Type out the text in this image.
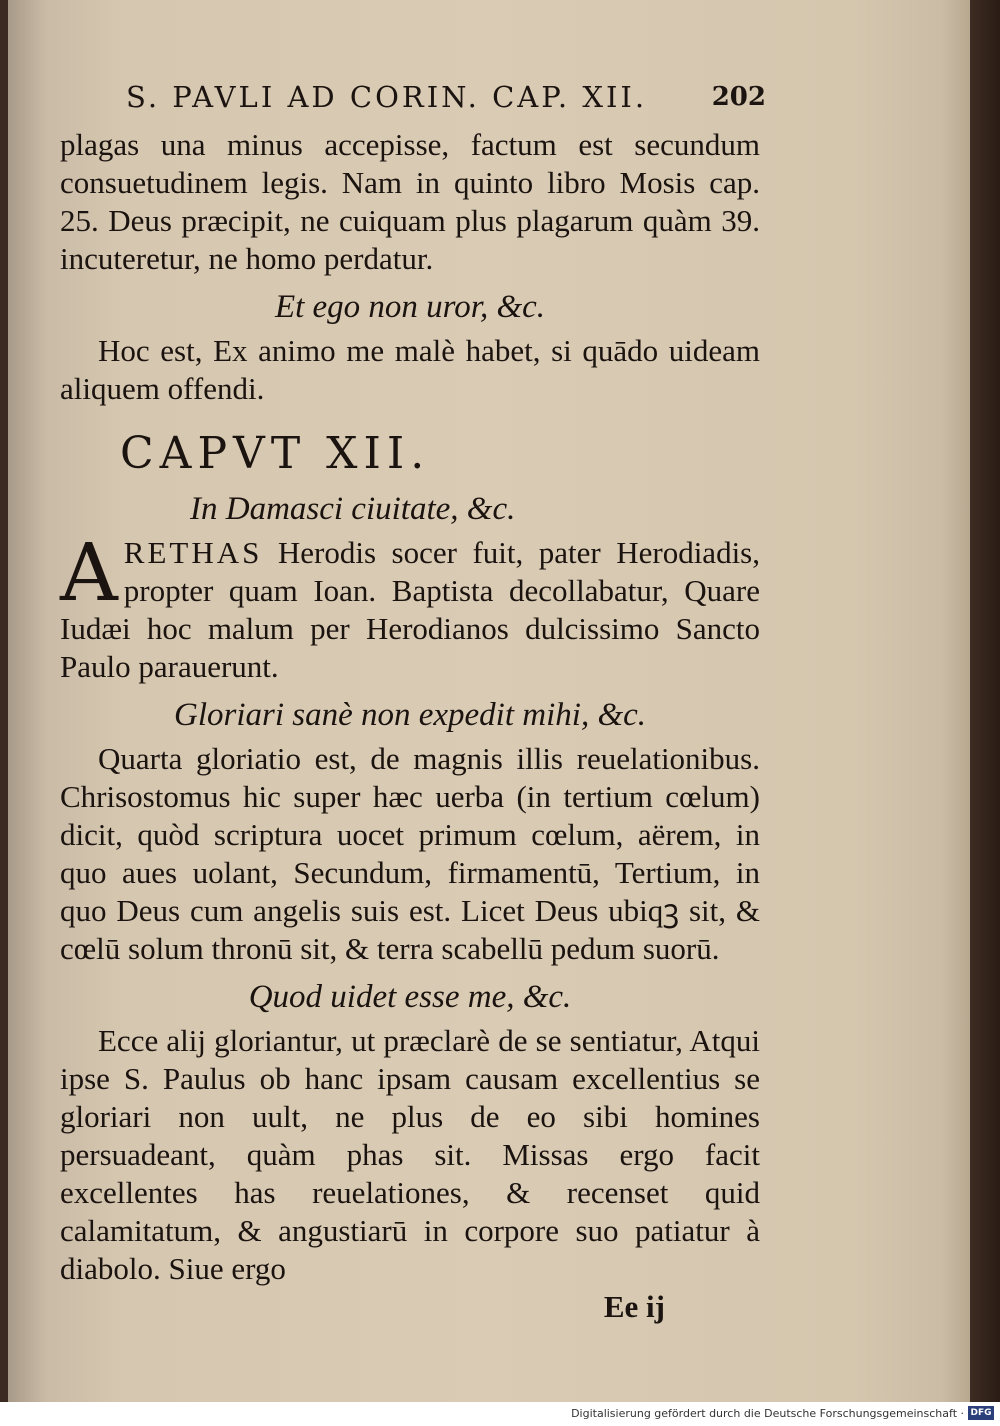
S. PAVLI AD CORIN. CAP. XII. 202

plagas una minus accepisse, factum est secundum consuetudinem legis. Nam in quinto libro Mosis cap. 25. Deus præcipit, ne cuiquam plus plagarum quàm 39. incuteretur, ne homo perdatur.

Et ego non uror, &c.

Hoc est, Ex animo me malè habet, si quādo uideam aliquem offendi.

CAPVT XII.

In Damasci ciuitate, &c.

ARETHAS Herodis socer fuit, pater Herodiadis, propter quam Ioan. Baptista decollabatur, Quare Iudæi hoc malum per Herodianos dulcissimo Sancto Paulo parauerunt.

Gloriari sanè non expedit mihi, &c.

Quarta gloriatio est, de magnis illis reuelationibus. Chrisostomus hic super hæc uerba (in tertium cœlum) dicit, quòd scriptura uocet primum cœlum, aërem, in quo aues uolant, Secundum, firmamentū, Tertium, in quo Deus cum angelis suis est. Licet Deus ubiqꝫ sit, & cœlū solum thronū sit, & terra scabellū pedum suorū.

Quod uidet esse me, &c.

Ecce alij gloriantur, ut præclarè de se sentiatur, Atqui ipse S. Paulus ob hanc ipsam causam excellentius se gloriari non uult, ne plus de eo sibi homines persuadeant, quàm phas sit. Missas ergo facit excellentes has reuelationes, & recenset quid calamitatum, & angustiarū in corpore suo patiatur à diabolo. Siue ergo

Ee ij

Digitalisierung gefördert durch die Deutsche Forschungsgemeinschaft · DFG
